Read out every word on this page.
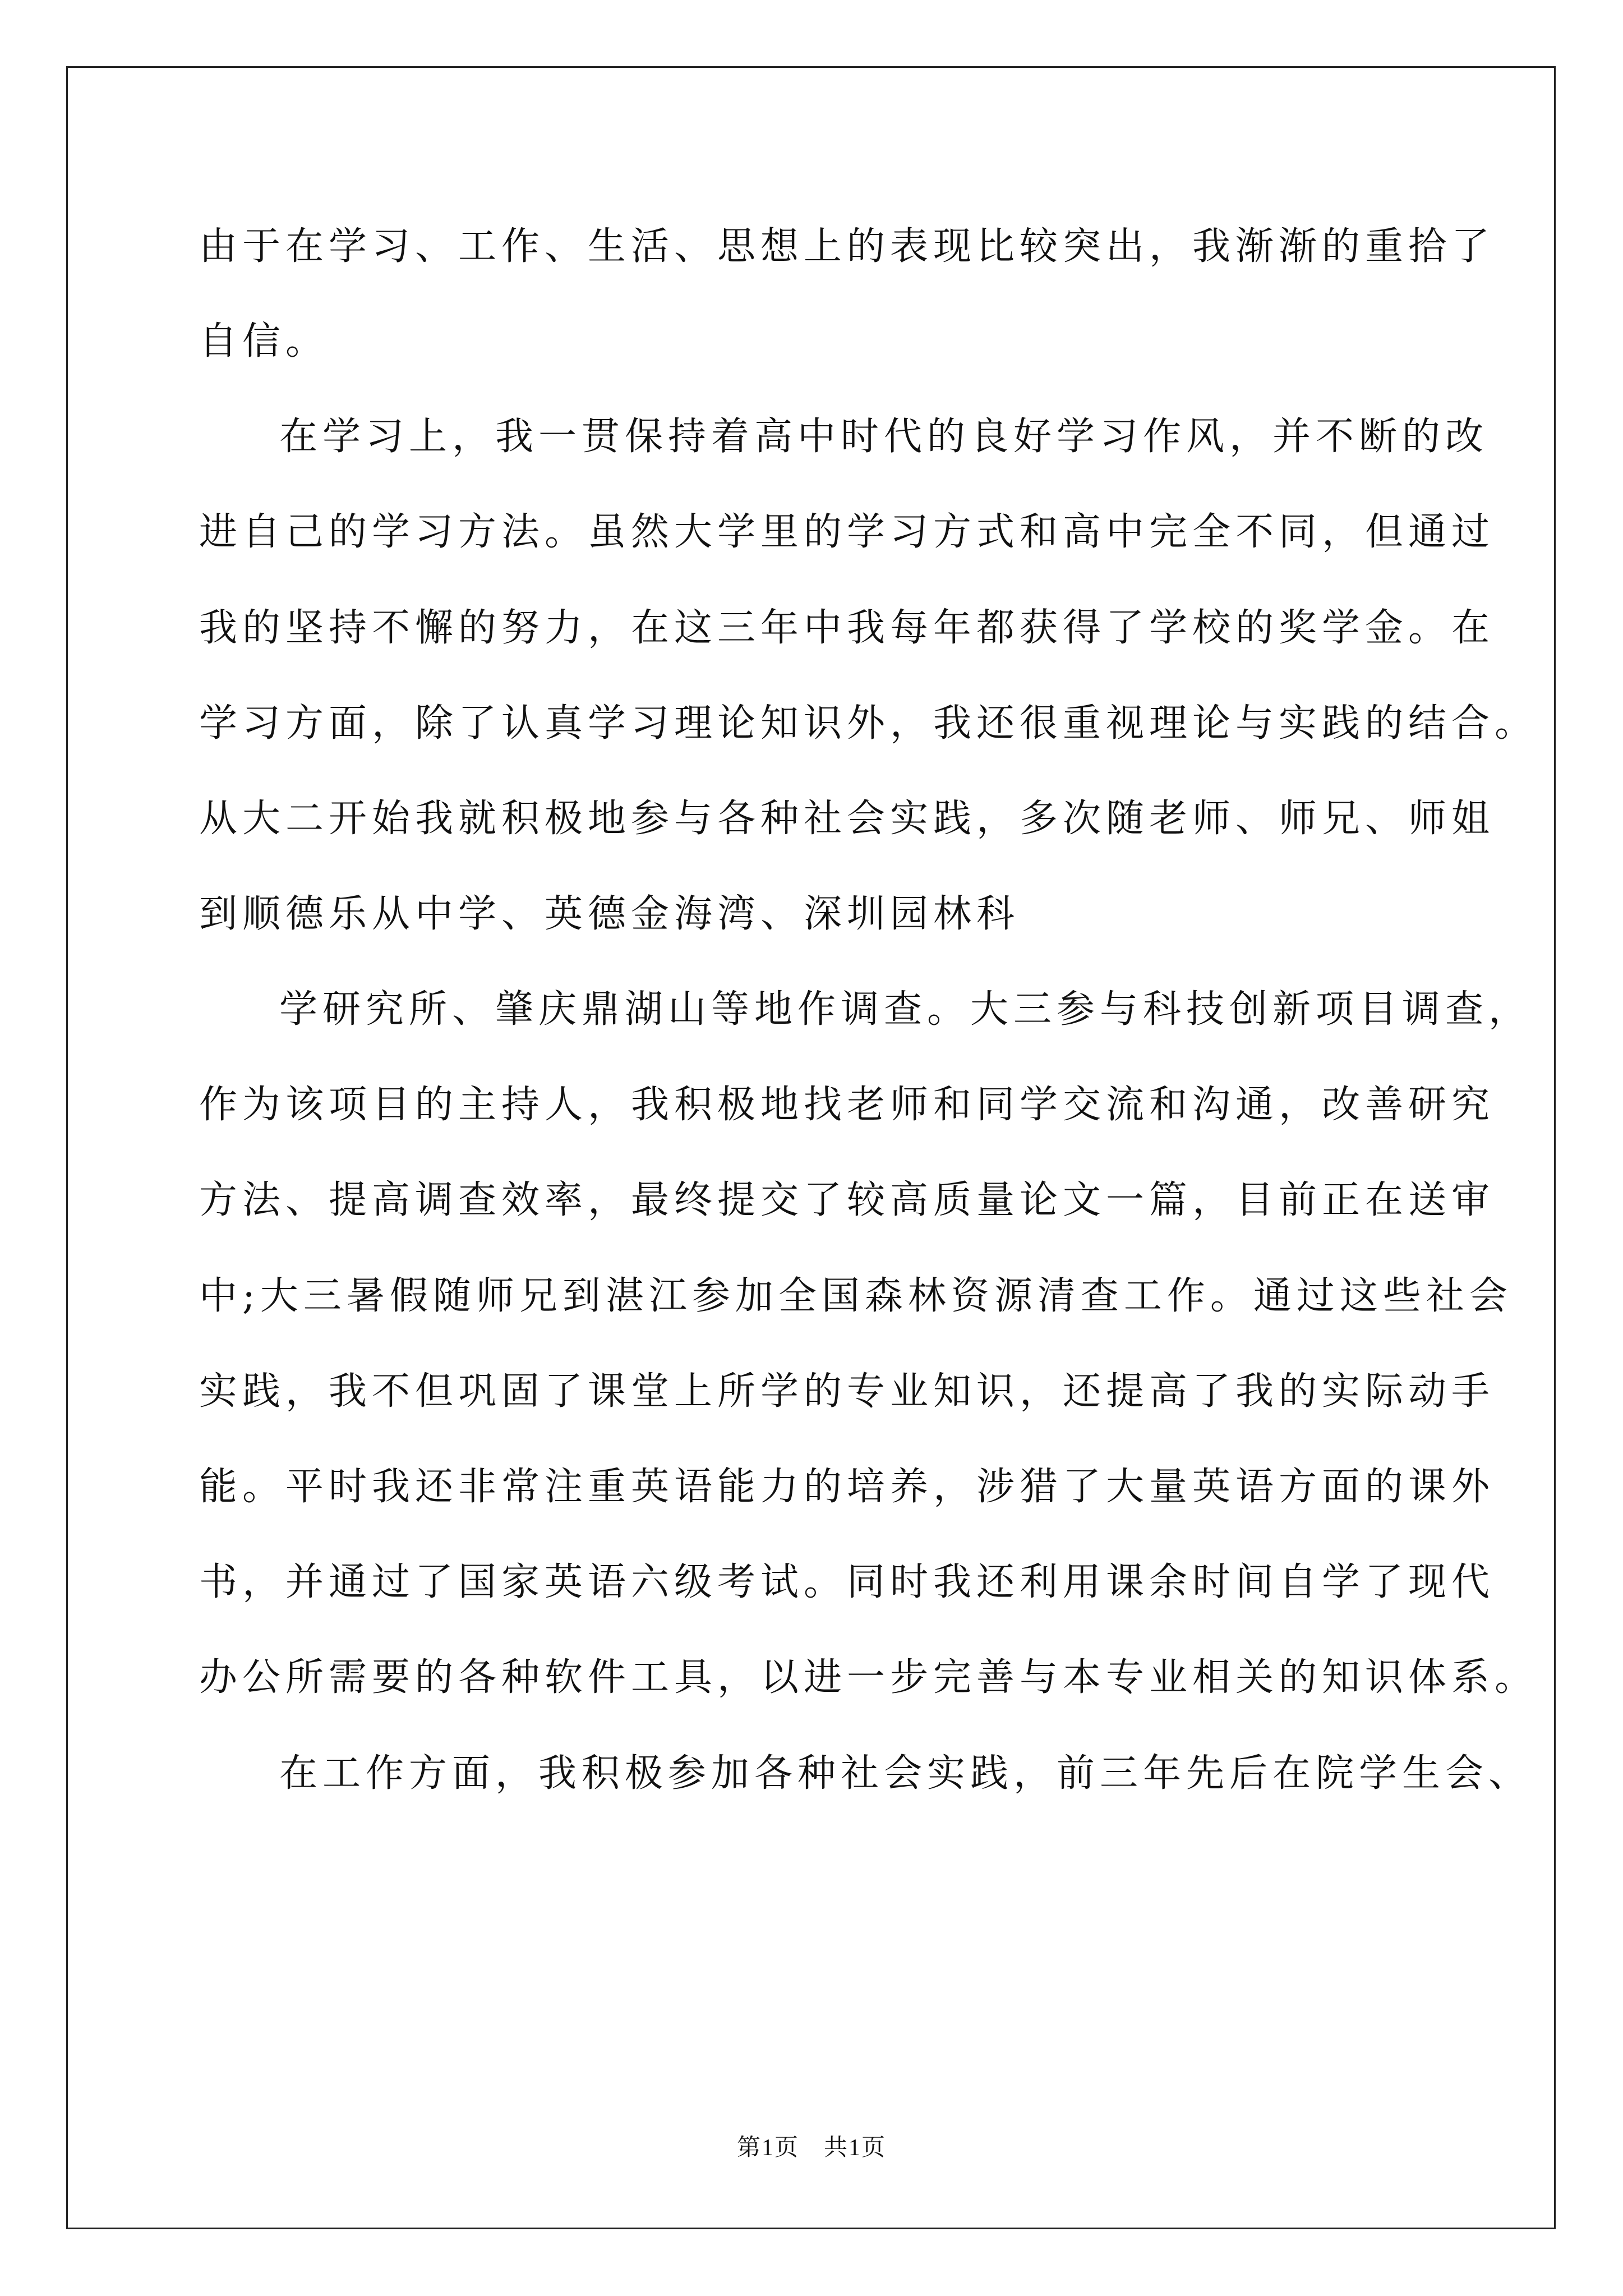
由于在学习、工作、生活、思想上的表现比较突出，我渐渐的重拾了
自信。
在学习上，我一贯保持着高中时代的良好学习作风，并不断的改
进自己的学习方法。虽然大学里的学习方式和高中完全不同，但通过
我的坚持不懈的努力，在这三年中我每年都获得了学校的奖学金。在
学习方面，除了认真学习理论知识外，我还很重视理论与实践的结合。
从大二开始我就积极地参与各种社会实践，多次随老师、师兄、师姐
到顺德乐从中学、英德金海湾、深圳园林科
学研究所、肇庆鼎湖山等地作调查。大三参与科技创新项目调查，
作为该项目的主持人，我积极地找老师和同学交流和沟通，改善研究
方法、提高调查效率，最终提交了较高质量论文一篇，目前正在送审
中;大三暑假随师兄到湛江参加全国森林资源清查工作。通过这些社会
实践，我不但巩固了课堂上所学的专业知识，还提高了我的实际动手
能。平时我还非常注重英语能力的培养，涉猎了大量英语方面的课外
书，并通过了国家英语六级考试。同时我还利用课余时间自学了现代
办公所需要的各种软件工具，以进一步完善与本专业相关的知识体系。
在工作方面，我积极参加各种社会实践，前三年先后在院学生会、
第1页　共1页
